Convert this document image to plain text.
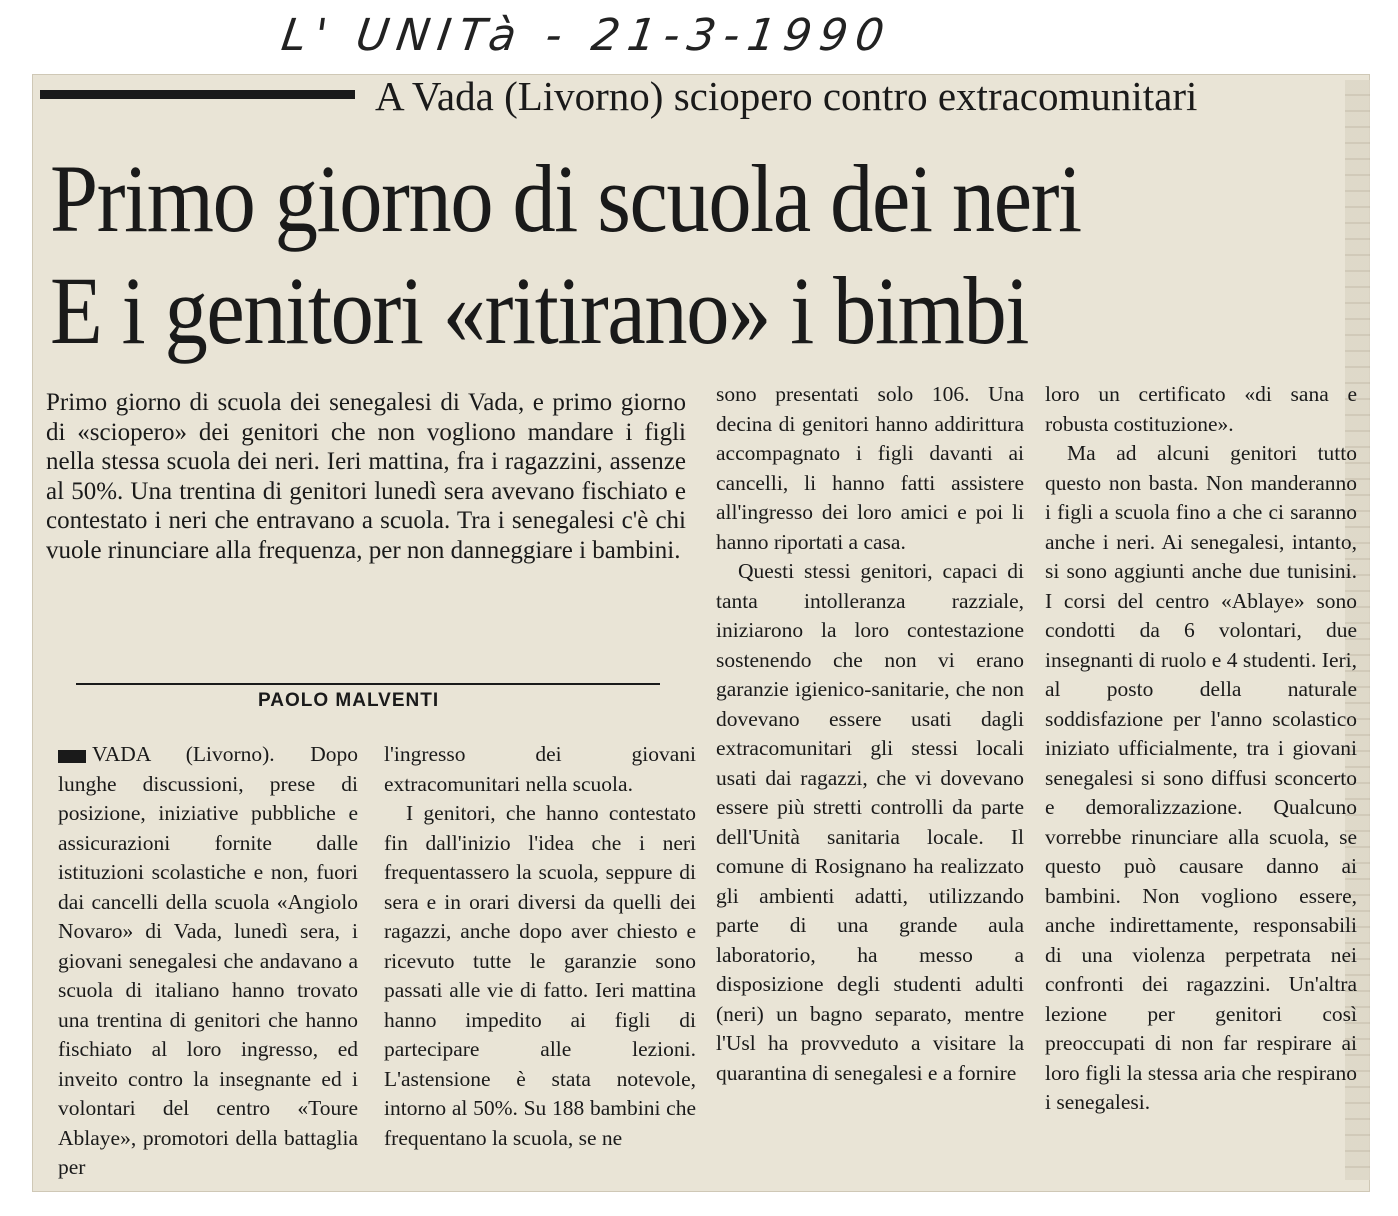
L' UNITà - 21-3-1990
A Vada (Livorno) sciopero contro extracomunitari
Primo giorno di scuola dei neri
E i genitori «ritirano» i bimbi
Primo giorno di scuola dei senegalesi di Vada, e primo giorno di «sciopero» dei genitori che non vogliono mandare i figli nella stessa scuola dei neri. Ieri mattina, fra i ragazzini, assenze al 50%. Una trentina di genitori lunedì sera avevano fischiato e contestato i neri che entravano a scuola. Tra i senegalesi c'è chi vuole rinunciare alla frequenza, per non danneggiare i bambini.
PAOLO MALVENTI

VADA (Livorno). Dopo lunghe discussioni, prese di posizione, iniziative pubbliche e assicurazioni fornite dalle istituzioni scolastiche e non, fuori dai cancelli della scuola «Angiolo Novaro» di Vada, lunedì sera, i giovani senegalesi che andavano a scuola di italiano hanno trovato una trentina di genitori che hanno fischiato al loro ingresso, ed inveito contro la insegnante ed i volontari del centro «Toure Ablaye», promotori della battaglia per

l'ingresso dei giovani extracomunitari nella scuola.

I genitori, che hanno contestato fin dall'inizio l'idea che i neri frequentassero la scuola, seppure di sera e in orari diversi da quelli dei ragazzi, anche dopo aver chiesto e ricevuto tutte le garanzie sono passati alle vie di fatto. Ieri mattina hanno impedito ai figli di partecipare alle lezioni. L'astensione è stata notevole, intorno al 50%. Su 188 bambini che frequentano la scuola, se ne

sono presentati solo 106. Una decina di genitori hanno addirittura accompagnato i figli davanti ai cancelli, li hanno fatti assistere all'ingresso dei loro amici e poi li hanno riportati a casa.

Questi stessi genitori, capaci di tanta intolleranza razziale, iniziarono la loro contestazione sostenendo che non vi erano garanzie igienico-sanitarie, che non dovevano essere usati dagli extracomunitari gli stessi locali usati dai ragazzi, che vi dovevano essere più stretti controlli da parte dell'Unità sanitaria locale. Il comune di Rosignano ha realizzato gli ambienti adatti, utilizzando parte di una grande aula laboratorio, ha messo a disposizione degli studenti adulti (neri) un bagno separato, mentre l'Usl ha provveduto a visitare la quarantina di senegalesi e a fornire

loro un certificato «di sana e robusta costituzione».

Ma ad alcuni genitori tutto questo non basta. Non manderanno i figli a scuola fino a che ci saranno anche i neri. Ai senegalesi, intanto, si sono aggiunti anche due tunisini. I corsi del centro «Ablaye» sono condotti da 6 volontari, due insegnanti di ruolo e 4 studenti. Ieri, al posto della naturale soddisfazione per l'anno scolastico iniziato ufficialmente, tra i giovani senegalesi si sono diffusi sconcerto e demoralizzazione. Qualcuno vorrebbe rinunciare alla scuola, se questo può causare danno ai bambini. Non vogliono essere, anche indirettamente, responsabili di una violenza perpetrata nei confronti dei ragazzini. Un'altra lezione per genitori così preoccupati di non far respirare ai loro figli la stessa aria che respirano i senegalesi.
